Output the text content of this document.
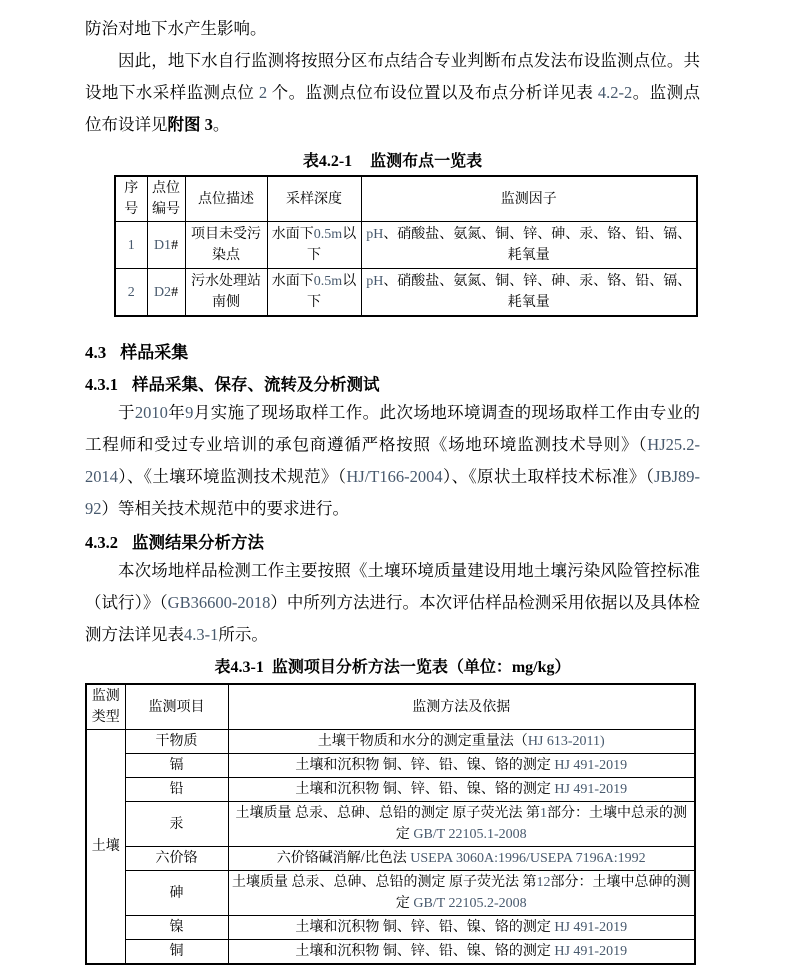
防治对地下水产生影响。

因此，地下水自行监测将按照分区布点结合专业判断布点发法布设监测点位。共设地下水采样监测点位 2 个。监测点位布设位置以及布点分析详见表 4.2-2。监测点位布设详见附图 3。

表4.2-1 监测布点一览表

序号	点位编号	点位描述	采样深度	监测因子
1	D1#	项目未受污染点	水面下0.5m以下	pH、硝酸盐、氨氮、铜、锌、砷、汞、铬、铅、镉、耗氧量
2	D2#	污水处理站南侧	水面下0.5m以下	pH、硝酸盐、氨氮、铜、锌、砷、汞、铬、铅、镉、耗氧量

4.3 样品采集

4.3.1 样品采集、保存、流转及分析测试

于2010年9月实施了现场取样工作。此次场地环境调查的现场取样工作由专业的工程师和受过专业培训的承包商遵循严格按照《场地环境监测技术导则》（HJ25.2-2014）、《土壤环境监测技术规范》（HJ/T166-2004）、《原状土取样技术标准》（JBJ89-92）等相关技术规范中的要求进行。

4.3.2 监测结果分析方法

本次场地样品检测工作主要按照《土壤环境质量建设用地土壤污染风险管控标准（试行）》（GB36600-2018）中所列方法进行。本次评估样品检测采用依据以及具体检测方法详见表4.3-1所示。

表4.3-1 监测项目分析方法一览表（单位：mg/kg）

监测类型	监测项目	监测方法及依据
土壤	干物质	土壤干物质和水分的测定重量法（HJ 613-2011)
	镉	土壤和沉积物 铜、锌、铅、镍、铬的测定 HJ 491-2019
	铅	土壤和沉积物 铜、锌、铅、镍、铬的测定 HJ 491-2019
	汞	土壤质量 总汞、总砷、总铅的测定 原子荧光法 第1部分：土壤中总汞的测定 GB/T 22105.1-2008
	六价铬	六价铬碱消解/比色法 USEPA 3060A:1996/USEPA 7196A:1992
	砷	土壤质量 总汞、总砷、总铅的测定 原子荧光法 第12部分：土壤中总砷的测定 GB/T 22105.2-2008
	镍	土壤和沉积物 铜、锌、铅、镍、铬的测定 HJ 491-2019
	铜	土壤和沉积物 铜、锌、铅、镍、铬的测定 HJ 491-2019
